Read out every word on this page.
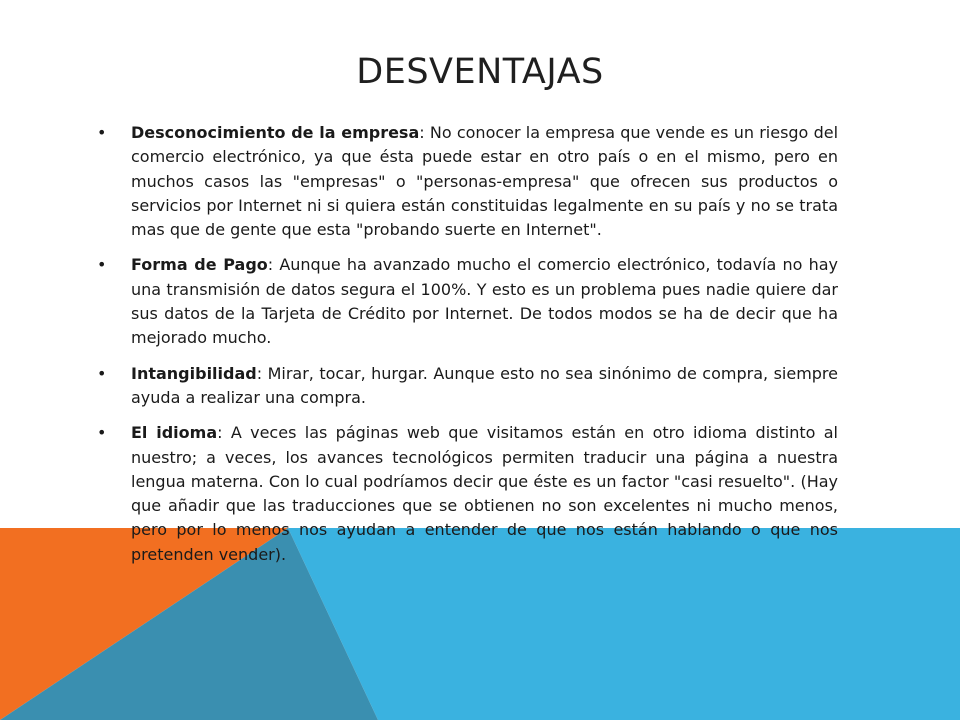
DESVENTAJAS
• Desconocimiento de la empresa: No conocer la empresa que vende es un riesgo del comercio electrónico, ya que ésta puede estar en otro país o en el mismo, pero en muchos casos las "empresas" o "personas-empresa" que ofrecen sus productos o servicios por Internet ni si quiera están constituidas legalmente en su país y no se trata mas que de gente que esta "probando suerte en Internet".
• Forma de Pago: Aunque ha avanzado mucho el comercio electrónico, todavía no hay una transmisión de datos segura el 100%. Y esto es un problema pues nadie quiere dar sus datos de la Tarjeta de Crédito por Internet. De todos modos se ha de decir que ha mejorado mucho.
• Intangibilidad: Mirar, tocar, hurgar. Aunque esto no sea sinónimo de compra, siempre ayuda a realizar una compra.
• El idioma: A veces las páginas web que visitamos están en otro idioma distinto al nuestro; a veces, los avances tecnológicos permiten traducir una página a nuestra lengua materna. Con lo cual podríamos decir que éste es un factor "casi resuelto". (Hay que añadir que las traducciones que se obtienen no son excelentes ni mucho menos, pero por lo menos nos ayudan a entender de que nos están hablando o que nos pretenden vender).
